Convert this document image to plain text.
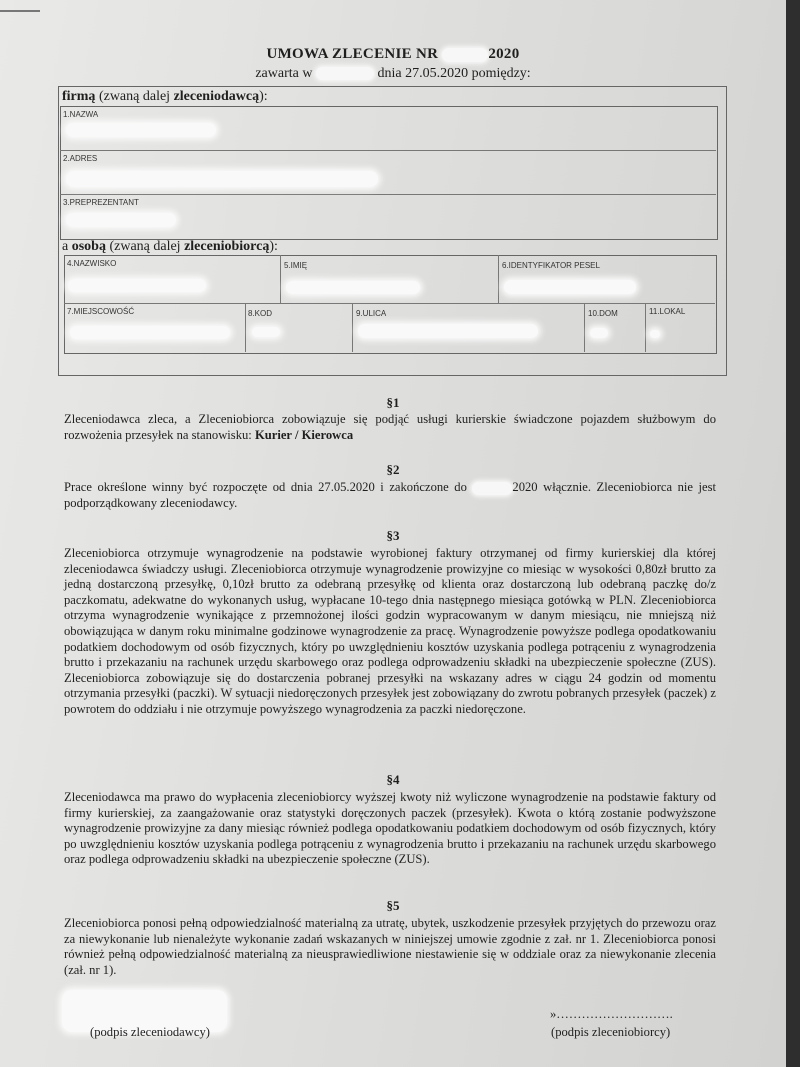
UMOWA ZLECENIE NR	2020
zawarta w	dnia 27.05.2020 pomiędzy:
firmą (zwaną dalej zleceniodawcą):
1.NAZWA
2.ADRES
3.PREPREZENTANT
a osobą (zwaną dalej zleceniobiorcą):
4.NAZWISKO	5.IMIĘ	6.IDENTYFIKATOR PESEL
7.MIEJSCOWOŚĆ	8.KOD	9.ULICA	10.DOM	11.LOKAL
§1
Zleceniodawca zleca, a Zleceniobiorca zobowiązuje się podjąć usługi kurierskie świadczone pojazdem służbowym do rozwożenia przesyłek na stanowisku: Kurier / Kierowca
§2
Prace określone winny być rozpoczęte od dnia 27.05.2020 i zakończone do	2020 włącznie. Zleceniobiorca nie jest podporządkowany zleceniodawcy.
§3
Zleceniobiorca otrzymuje wynagrodzenie na podstawie wyrobionej faktury otrzymanej od firmy kurierskiej dla której zleceniodawca świadczy usługi. Zleceniobiorca otrzymuje wynagrodzenie prowizyjne co miesiąc w wysokości 0,80zł brutto za jedną dostarczoną przesyłkę, 0,10zł brutto za odebraną przesyłkę od klienta oraz dostarczoną lub odebraną paczkę do/z paczkomatu, adekwatne do wykonanych usług, wypłacane 10-tego dnia następnego miesiąca gotówką w PLN. Zleceniobiorca otrzyma wynagrodzenie wynikające z przemnożonej ilości godzin wypracowanym w danym miesiącu, nie mniejszą niż obowiązująca w danym roku minimalne godzinowe wynagrodzenie za pracę. Wynagrodzenie powyższe podlega opodatkowaniu podatkiem dochodowym od osób fizycznych, który po uwzględnieniu kosztów uzyskania podlega potrąceniu z wynagrodzenia brutto i przekazaniu na rachunek urzędu skarbowego oraz podlega odprowadzeniu składki na ubezpieczenie społeczne (ZUS). Zleceniobiorca zobowiązuje się do dostarczenia pobranej przesyłki na wskazany adres w ciągu 24 godzin od momentu otrzymania przesyłki (paczki). W sytuacji niedoręczonych przesyłek jest zobowiązany do zwrotu pobranych przesyłek (paczek) z powrotem do oddziału i nie otrzymuje powyższego wynagrodzenia za paczki niedoręczone.
§4
Zleceniodawca ma prawo do wypłacenia zleceniobiorcy wyższej kwoty niż wyliczone wynagrodzenie na podstawie faktury od firmy kurierskiej, za zaangażowanie oraz statystyki doręczonych paczek (przesyłek). Kwota o którą zostanie podwyższone wynagrodzenie prowizyjne za dany miesiąc również podlega opodatkowaniu podatkiem dochodowym od osób fizycznych, który po uwzględnieniu kosztów uzyskania podlega potrąceniu z wynagrodzenia brutto i przekazaniu na rachunek urzędu skarbowego oraz podlega odprowadzeniu składki na ubezpieczenie społeczne (ZUS).
§5
Zleceniobiorca ponosi pełną odpowiedzialność materialną za utratę, ubytek, uszkodzenie przesyłek przyjętych do przewozu oraz za niewykonanie lub nienależyte wykonanie zadań wskazanych w niniejszej umowie zgodnie z zał. nr 1. Zleceniobiorca ponosi również pełną odpowiedzialność materialną za nieusprawiedliwione niestawienie się w oddziale oraz za niewykonanie zlecenia (zał. nr 1).
(podpis zleceniodawcy)
»……………………….
(podpis zleceniobiorcy)
